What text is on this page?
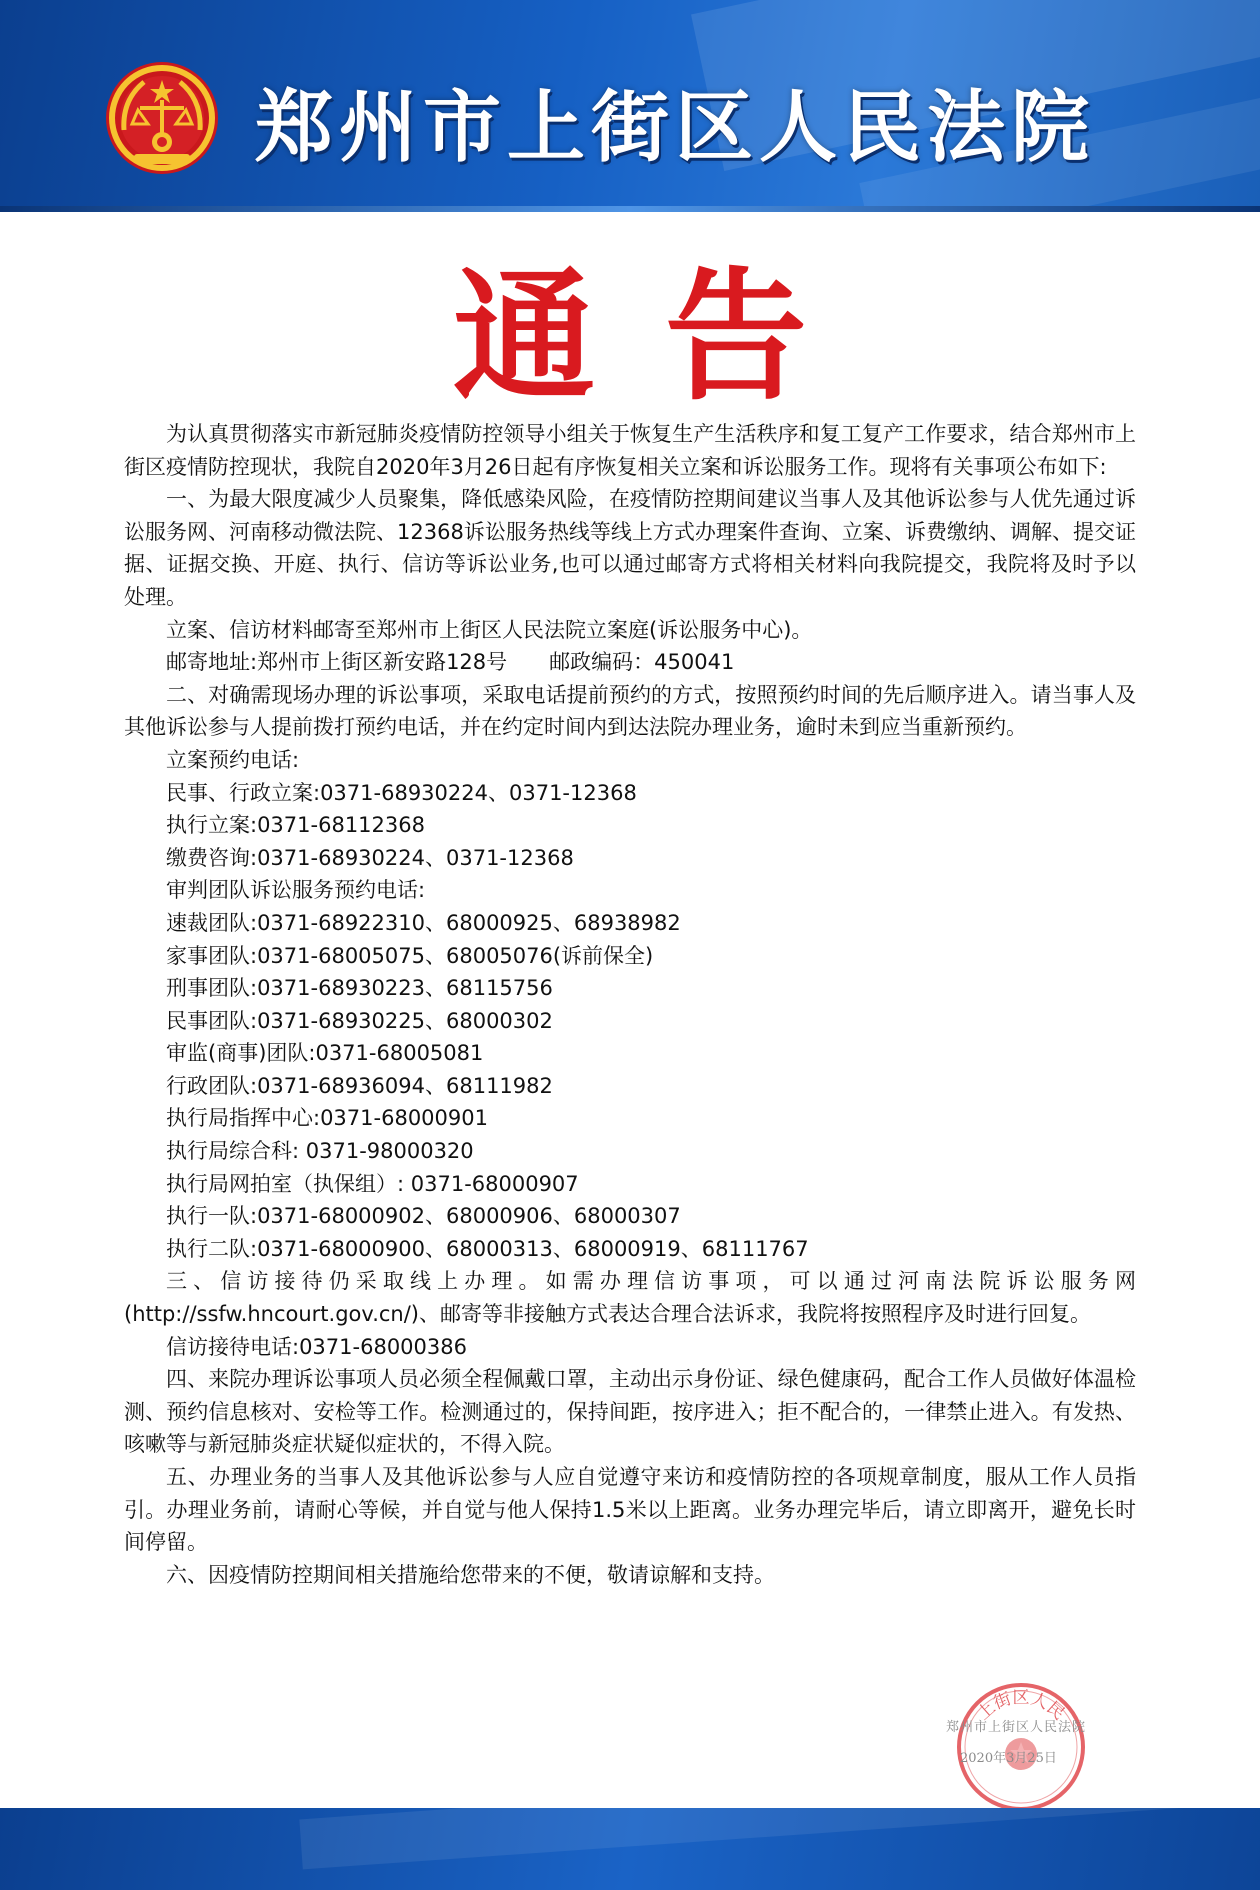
郑州市上街区人民法院
通告

为认真贯彻落实市新冠肺炎疫情防控领导小组关于恢复生产生活秩序和复工复产工作要求，结合郑州市上街区疫情防控现状，我院自2020年3月26日起有序恢复相关立案和诉讼服务工作。现将有关事项公布如下:

一、为最大限度减少人员聚集，降低感染风险，在疫情防控期间建议当事人及其他诉讼参与人优先通过诉讼服务网、河南移动微法院、12368诉讼服务热线等线上方式办理案件查询、立案、诉费缴纳、调解、提交证据、证据交换、开庭、执行、信访等诉讼业务,也可以通过邮寄方式将相关材料向我院提交，我院将及时予以处理。

立案、信访材料邮寄至郑州市上街区人民法院立案庭(诉讼服务中心)。

邮寄地址:郑州市上街区新安路128号　　邮政编码：450041

二、对确需现场办理的诉讼事项，采取电话提前预约的方式，按照预约时间的先后顺序进入。请当事人及其他诉讼参与人提前拨打预约电话，并在约定时间内到达法院办理业务，逾时未到应当重新预约。

立案预约电话:

民事、行政立案:0371-68930224、0371-12368

执行立案:0371-68112368

缴费咨询:0371-68930224、0371-12368

审判团队诉讼服务预约电话:

速裁团队:0371-68922310、68000925、68938982

家事团队:0371-68005075、68005076(诉前保全)

刑事团队:0371-68930223、68115756

民事团队:0371-68930225、68000302

审监(商事)团队:0371-68005081

行政团队:0371-68936094、68111982

执行局指挥中心:0371-68000901

执行局综合科: 0371-98000320

执行局网拍室（执保组）: 0371-68000907

执行一队:0371-68000902、68000906、68000307

执行二队:0371-68000900、68000313、68000919、68111767

三、信访接待仍采取线上办理。如需办理信访事项，可以通过河南法院诉讼服务网(http://ssfw.hncourt.gov.cn/)、邮寄等非接触方式表达合理合法诉求，我院将按照程序及时进行回复。

信访接待电话:0371-68000386

四、来院办理诉讼事项人员必须全程佩戴口罩，主动出示身份证、绿色健康码，配合工作人员做好体温检测、预约信息核对、安检等工作。检测通过的，保持间距，按序进入；拒不配合的，一律禁止进入。有发热、咳嗽等与新冠肺炎症状疑似症状的，不得入院。

五、办理业务的当事人及其他诉讼参与人应自觉遵守来访和疫情防控的各项规章制度，服从工作人员指引。办理业务前，请耐心等候，并自觉与他人保持1.5米以上距离。业务办理完毕后，请立即离开，避免长时间停留。

六、因疫情防控期间相关措施给您带来的不便，敬请谅解和支持。

上街区人民
郑州市上街区人民法院
2020年3月25日
